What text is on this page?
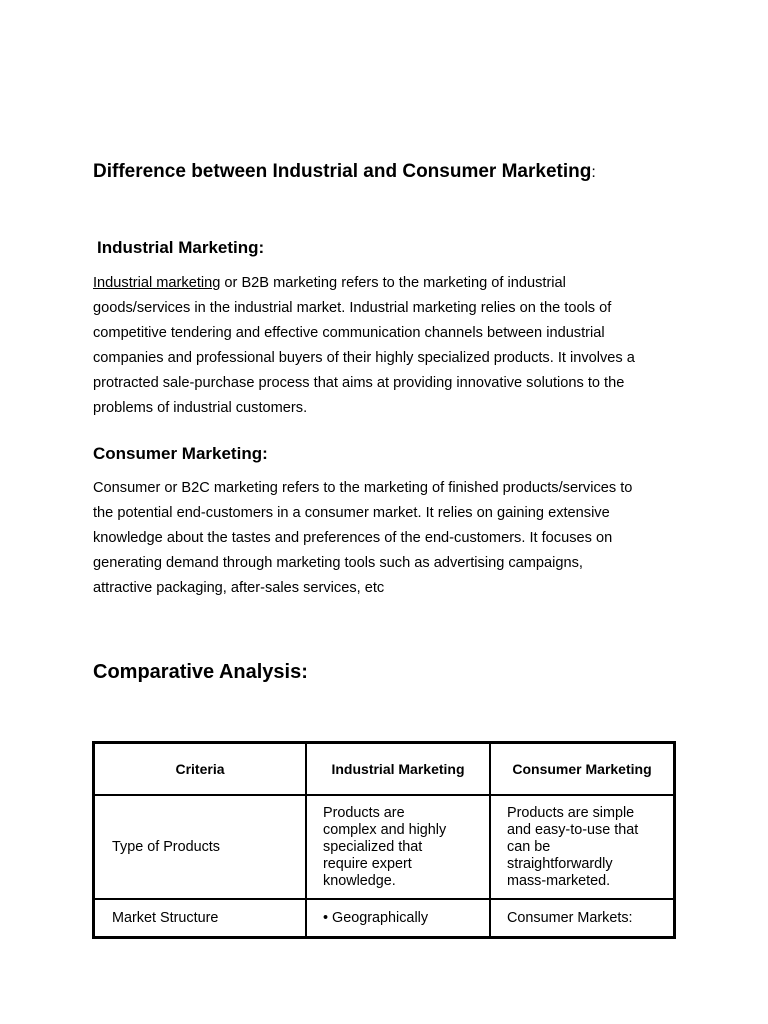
Difference between Industrial and Consumer Marketing:
Industrial Marketing:
Industrial marketing or B2B marketing refers to the marketing of industrial
goods/services in the industrial market. Industrial marketing relies on the tools of
competitive tendering and effective communication channels between industrial
companies and professional buyers of their highly specialized products. It involves a
protracted sale-purchase process that aims at providing innovative solutions to the
problems of industrial customers.
Consumer Marketing:
Consumer or B2C marketing refers to the marketing of finished products/services to
the potential end-customers in a consumer market. It relies on gaining extensive
knowledge about the tastes and preferences of the end-customers. It focuses on
generating demand through marketing tools such as advertising campaigns,
attractive packaging, after-sales services, etc
Comparative Analysis:
Criteria	Industrial Marketing	Consumer Marketing
Type of Products	Products are
complex and highly
specialized that
require expert
knowledge.	Products are simple
and easy-to-use that
can be
straightforwardly
mass-marketed.

Market Structure	• Geographically	Consumer Markets:
